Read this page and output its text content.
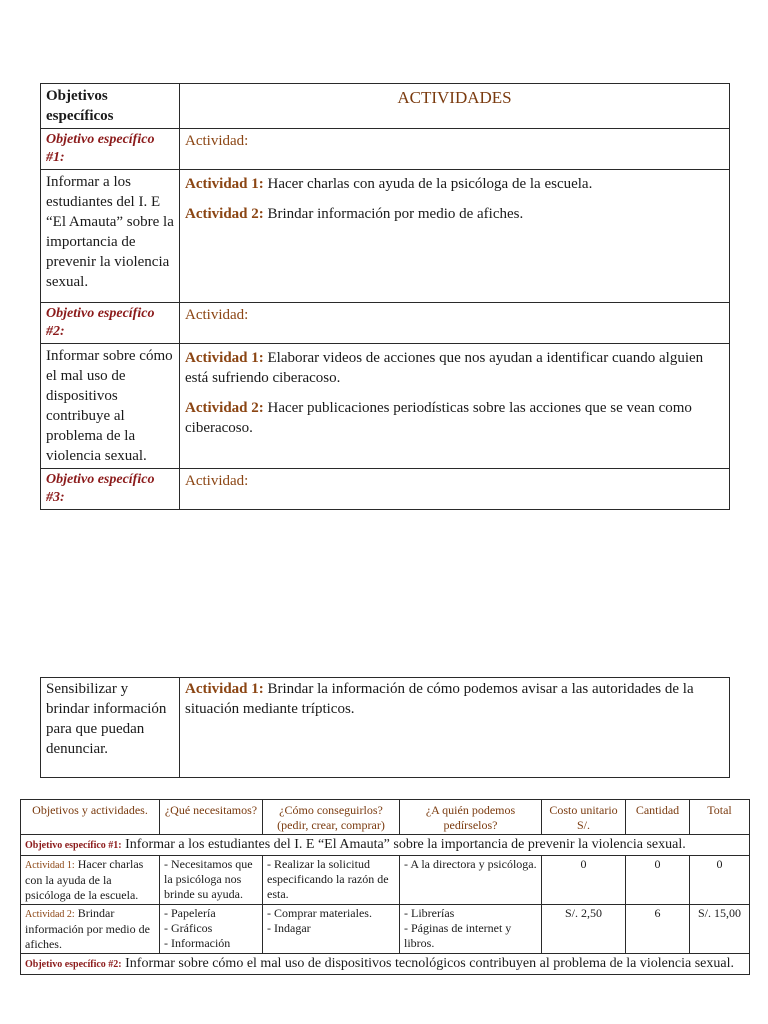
Objetivos específicos	ACTIVIDADES
Objetivo específico #1:	Actividad:
Informar a los estudiantes del I. E “El Amauta” sobre la importancia de prevenir la violencia sexual.	Actividad 1: Hacer charlas con ayuda de la psicóloga de la escuela.

Actividad 2: Brindar información por medio de afiches.

Objetivo específico #2:	Actividad:
Informar sobre cómo el mal uso de dispositivos contribuye al problema de la violencia sexual.	Actividad 1: Elaborar videos de acciones que nos ayudan a identificar cuando alguien está sufriendo ciberacoso.

Actividad 2: Hacer publicaciones periodísticas sobre las acciones que se vean como ciberacoso.

Objetivo específico #3:	Actividad:
Sensibilizar y brindar información para que puedan denunciar.	Actividad 1: Brindar la información de cómo podemos avisar a las autoridades de la situación mediante trípticos.
Objetivos y actividades.	¿Qué necesitamos?	¿Cómo conseguirlos? (pedir, crear, comprar)	¿A quién podemos pedírselos?	Costo unitario S/.	Cantidad	Total
Objetivo específico #1: Informar a los estudiantes del I. E “El Amauta” sobre la importancia de prevenir la violencia sexual.						
Actividad 1: Hacer charlas con la ayuda de la psicóloga de la escuela.	- Necesitamos que la psicóloga nos brinde su ayuda.	- Realizar la solicitud especificando la razón de esta.	- A la directora y psicóloga.	0	0	0
Actividad 2: Brindar información por medio de afiches.	- Papelería
- Gráficos
- Información	- Comprar materiales.
- Indagar	- Librerías
- Páginas de internet y libros.	S/. 2,50	6	S/. 15,00
Objetivo específico #2: Informar sobre cómo el mal uso de dispositivos tecnológicos contribuyen al problema de la violencia sexual.						
